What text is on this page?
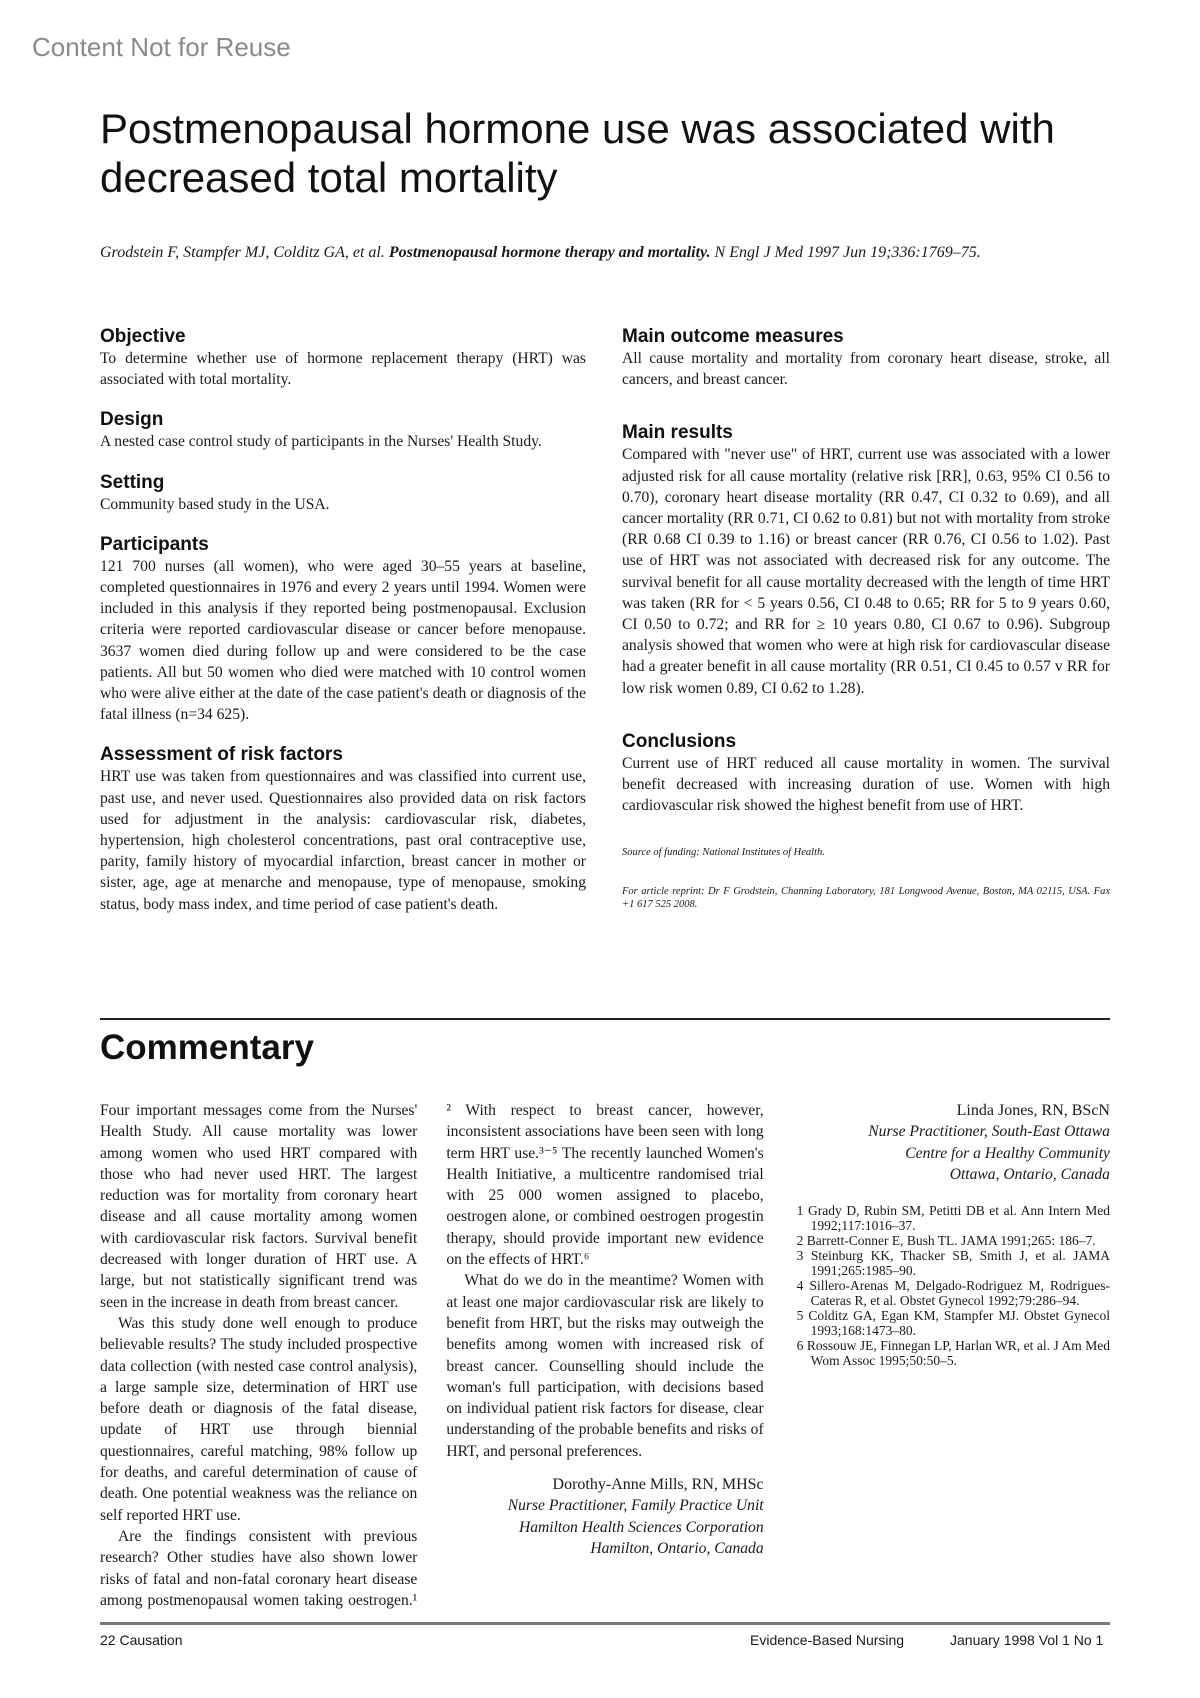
Content Not for Reuse
Postmenopausal hormone use was associated with decreased total mortality
Grodstein F, Stampfer MJ, Colditz GA, et al. Postmenopausal hormone therapy and mortality. N Engl J Med 1997 Jun 19;336:1769–75.
Objective

To determine whether use of hormone replacement therapy (HRT) was associated with total mortality.

Design

A nested case control study of participants in the Nurses' Health Study.

Setting

Community based study in the USA.

Participants

121 700 nurses (all women), who were aged 30–55 years at baseline, completed questionnaires in 1976 and every 2 years until 1994. Women were included in this analysis if they reported being postmenopausal. Exclusion criteria were reported cardiovascular disease or cancer before menopause. 3637 women died during follow up and were considered to be the case patients. All but 50 women who died were matched with 10 control women who were alive either at the date of the case patient's death or diagnosis of the fatal illness (n=34 625).

Assessment of risk factors

HRT use was taken from questionnaires and was classified into current use, past use, and never used. Questionnaires also provided data on risk factors used for adjustment in the analysis: cardiovascular risk, diabetes, hypertension, high cholesterol concentrations, past oral contraceptive use, parity, family history of myocardial infarction, breast cancer in mother or sister, age, age at menarche and menopause, type of menopause, smoking status, body mass index, and time period of case patient's death.

Main outcome measures

All cause mortality and mortality from coronary heart disease, stroke, all cancers, and breast cancer.

Main results

Compared with "never use" of HRT, current use was associated with a lower adjusted risk for all cause mortality (relative risk [RR], 0.63, 95% CI 0.56 to 0.70), coronary heart disease mortality (RR 0.47, CI 0.32 to 0.69), and all cancer mortality (RR 0.71, CI 0.62 to 0.81) but not with mortality from stroke (RR 0.68 CI 0.39 to 1.16) or breast cancer (RR 0.76, CI 0.56 to 1.02). Past use of HRT was not associated with decreased risk for any outcome. The survival benefit for all cause mortality decreased with the length of time HRT was taken (RR for < 5 years 0.56, CI 0.48 to 0.65; RR for 5 to 9 years 0.60, CI 0.50 to 0.72; and RR for ≥ 10 years 0.80, CI 0.67 to 0.96). Subgroup analysis showed that women who were at high risk for cardiovascular disease had a greater benefit in all cause mortality (RR 0.51, CI 0.45 to 0.57 v RR for low risk women 0.89, CI 0.62 to 1.28).

Conclusions

Current use of HRT reduced all cause mortality in women. The survival benefit decreased with increasing duration of use. Women with high cardiovascular risk showed the highest benefit from use of HRT.

Source of funding: National Institutes of Health.

For article reprint: Dr F Grodstein, Channing Laboratory, 181 Longwood Avenue, Boston, MA 02115, USA. Fax +1 617 525 2008.

Commentary

Four important messages come from the Nurses' Health Study. All cause mortality was lower among women who used HRT compared with those who had never used HRT. The largest reduction was for mortality from coronary heart disease and all cause mortality among women with cardiovascular risk factors. Survival benefit decreased with longer duration of HRT use. A large, but not statistically significant trend was seen in the increase in death from breast cancer.

Was this study done well enough to produce believable results? The study included prospective data collection (with nested case control analysis), a large sample size, determination of HRT use before death or diagnosis of the fatal disease, update of HRT use through biennial questionnaires, careful matching, 98% follow up for deaths, and careful determination of cause of death. One potential weakness was the reliance on self reported HRT use.

Are the findings consistent with previous research? Other studies have also shown lower risks of fatal and non-fatal coronary heart disease among postmenopausal women taking oestrogen.¹ ² With respect to breast cancer, however, inconsistent associations have been seen with long term HRT use.³⁻⁵ The recently launched Women's Health Initiative, a multicentre randomised trial with 25 000 women assigned to placebo, oestrogen alone, or combined oestrogen progestin therapy, should provide important new evidence on the effects of HRT.⁶

What do we do in the meantime? Women with at least one major cardiovascular risk are likely to benefit from HRT, but the risks may outweigh the benefits among women with increased risk of breast cancer. Counselling should include the woman's full participation, with decisions based on individual patient risk factors for disease, clear understanding of the probable benefits and risks of HRT, and personal preferences.

Dorothy-Anne Mills, RN, MHSc
Nurse Practitioner, Family Practice Unit
Hamilton Health Sciences Corporation
Hamilton, Ontario, Canada
Linda Jones, RN, BScN
Nurse Practitioner, South-East Ottawa
Centre for a Healthy Community
Ottawa, Ontario, Canada
1 Grady D, Rubin SM, Petitti DB et al. Ann Intern Med 1992;117:1016–37.
2 Barrett-Conner E, Bush TL. JAMA 1991;265: 186–7.
3 Steinburg KK, Thacker SB, Smith J, et al. JAMA 1991;265:1985–90.
4 Sillero-Arenas M, Delgado-Rodriguez M, Rodrigues-Cateras R, et al. Obstet Gynecol 1992;79:286–94.
5 Colditz GA, Egan KM, Stampfer MJ. Obstet Gynecol 1993;168:1473–80.
6 Rossouw JE, Finnegan LP, Harlan WR, et al. J Am Med Wom Assoc 1995;50:50–5.
22 Causation	Evidence-Based Nursing	January 1998 Vol 1 No 1
